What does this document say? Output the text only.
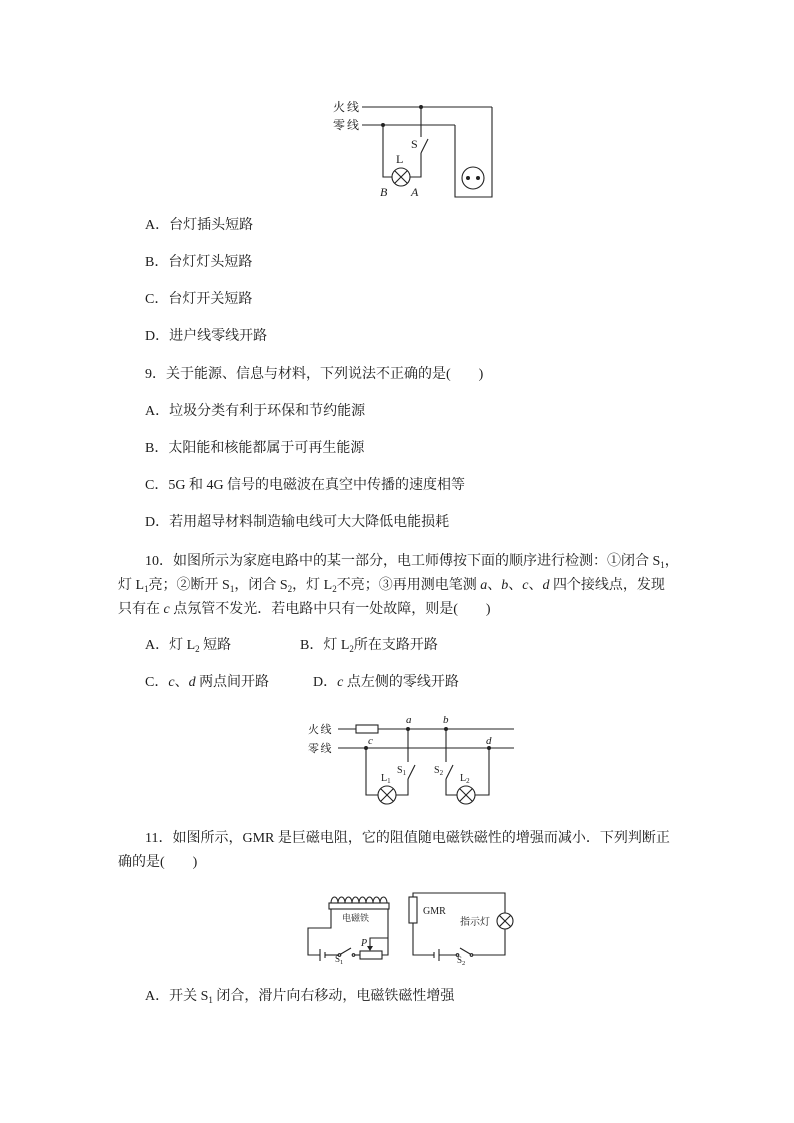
火线
零线
L
S
B A
A．台灯插头短路
B．台灯灯头短路
C．台灯开关短路
D．进户线零线开路
9．关于能源、信息与材料，下列说法不正确的是(        )
A．垃圾分类有利于环保和节约能源
B．太阳能和核能都属于可再生能源
C．5G 和 4G 信号的电磁波在真空中传播的速度相等
D．若用超导材料制造输电线可大大降低电能损耗
10．如图所示为家庭电路中的某一部分，电工师傅按下面的顺序进行检测：①闭合 $S_1$，
灯 $L_1$亮；②断开 $S_1$，闭合 $S_2$，灯 $L_2$不亮；③再用测电笔测 a、b、c、d 四个接线点，发现
只有在 c 点氖管不发光．若电路中只有一处故障，则是(        )
A．灯 $L_2$ 短路	B．灯 $L_2$所在支路开路
C．c、d 两点间开路	D．c 点左侧的零线开路
火线
零线
a	b
c	d
$L_1$
$S_1$	$S_2$ $L_2$
11．如图所示，GMR 是巨磁电阻，它的阻值随电磁铁磁性的增强而减小．下列判断正
确的是(        )
电磁铁
P
$S_1$
GMR
指示灯
$S_2$
A．开关 $S_1$ 闭合，滑片向右移动，电磁铁磁性增强
